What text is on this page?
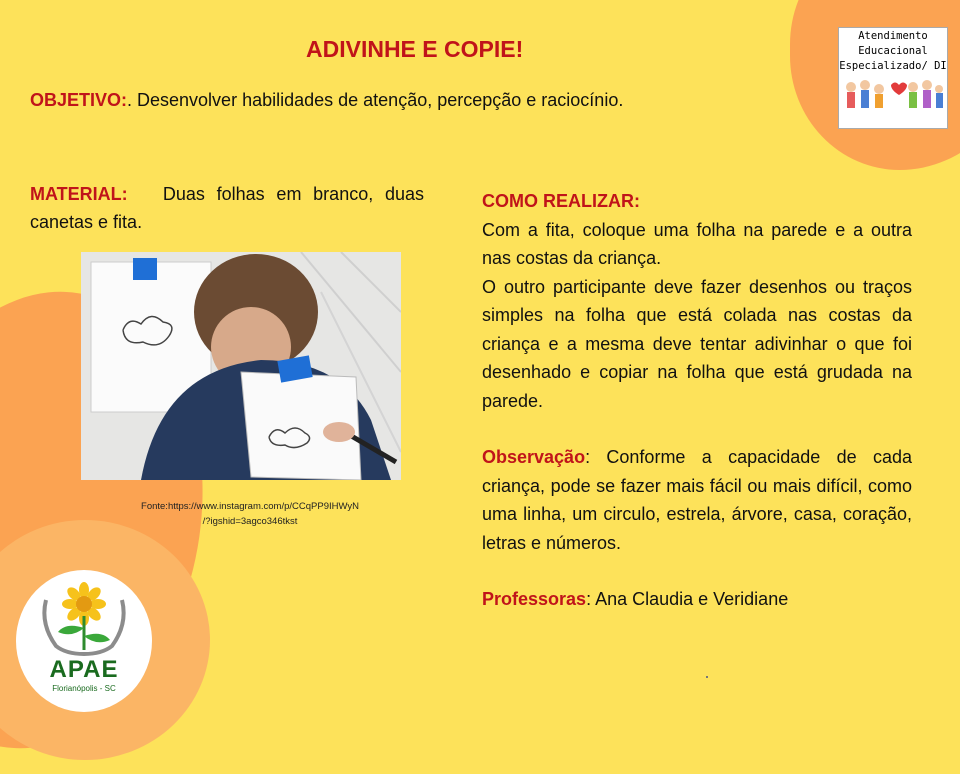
ADIVINHE E COPIE!
OBJETIVO:. Desenvolver habilidades de atenção, percepção e raciocínio.
MATERIAL: Duas folhas em branco, duas canetas e fita.
Fonte:https://www.instagram.com/p/CCqPP9IHWyN
/?igshid=3agco346tkst

COMO REALIZAR:

Com a fita, coloque uma folha na parede e a outra nas costas da criança.

O outro participante deve fazer desenhos ou traços simples na folha que está colada nas costas da criança e a mesma deve tentar adivinhar o que foi desenhado e copiar na folha que está grudada na parede.

Observação: Conforme a capacidade de cada criança, pode se fazer mais fácil ou mais difícil, como uma linha, um circulo, estrela, árvore, casa, coração, letras e números.

Professoras: Ana Claudia e Veridiane

Atendimento
Educacional
Especializado/ DI
APAE
Florianópolis - SC
